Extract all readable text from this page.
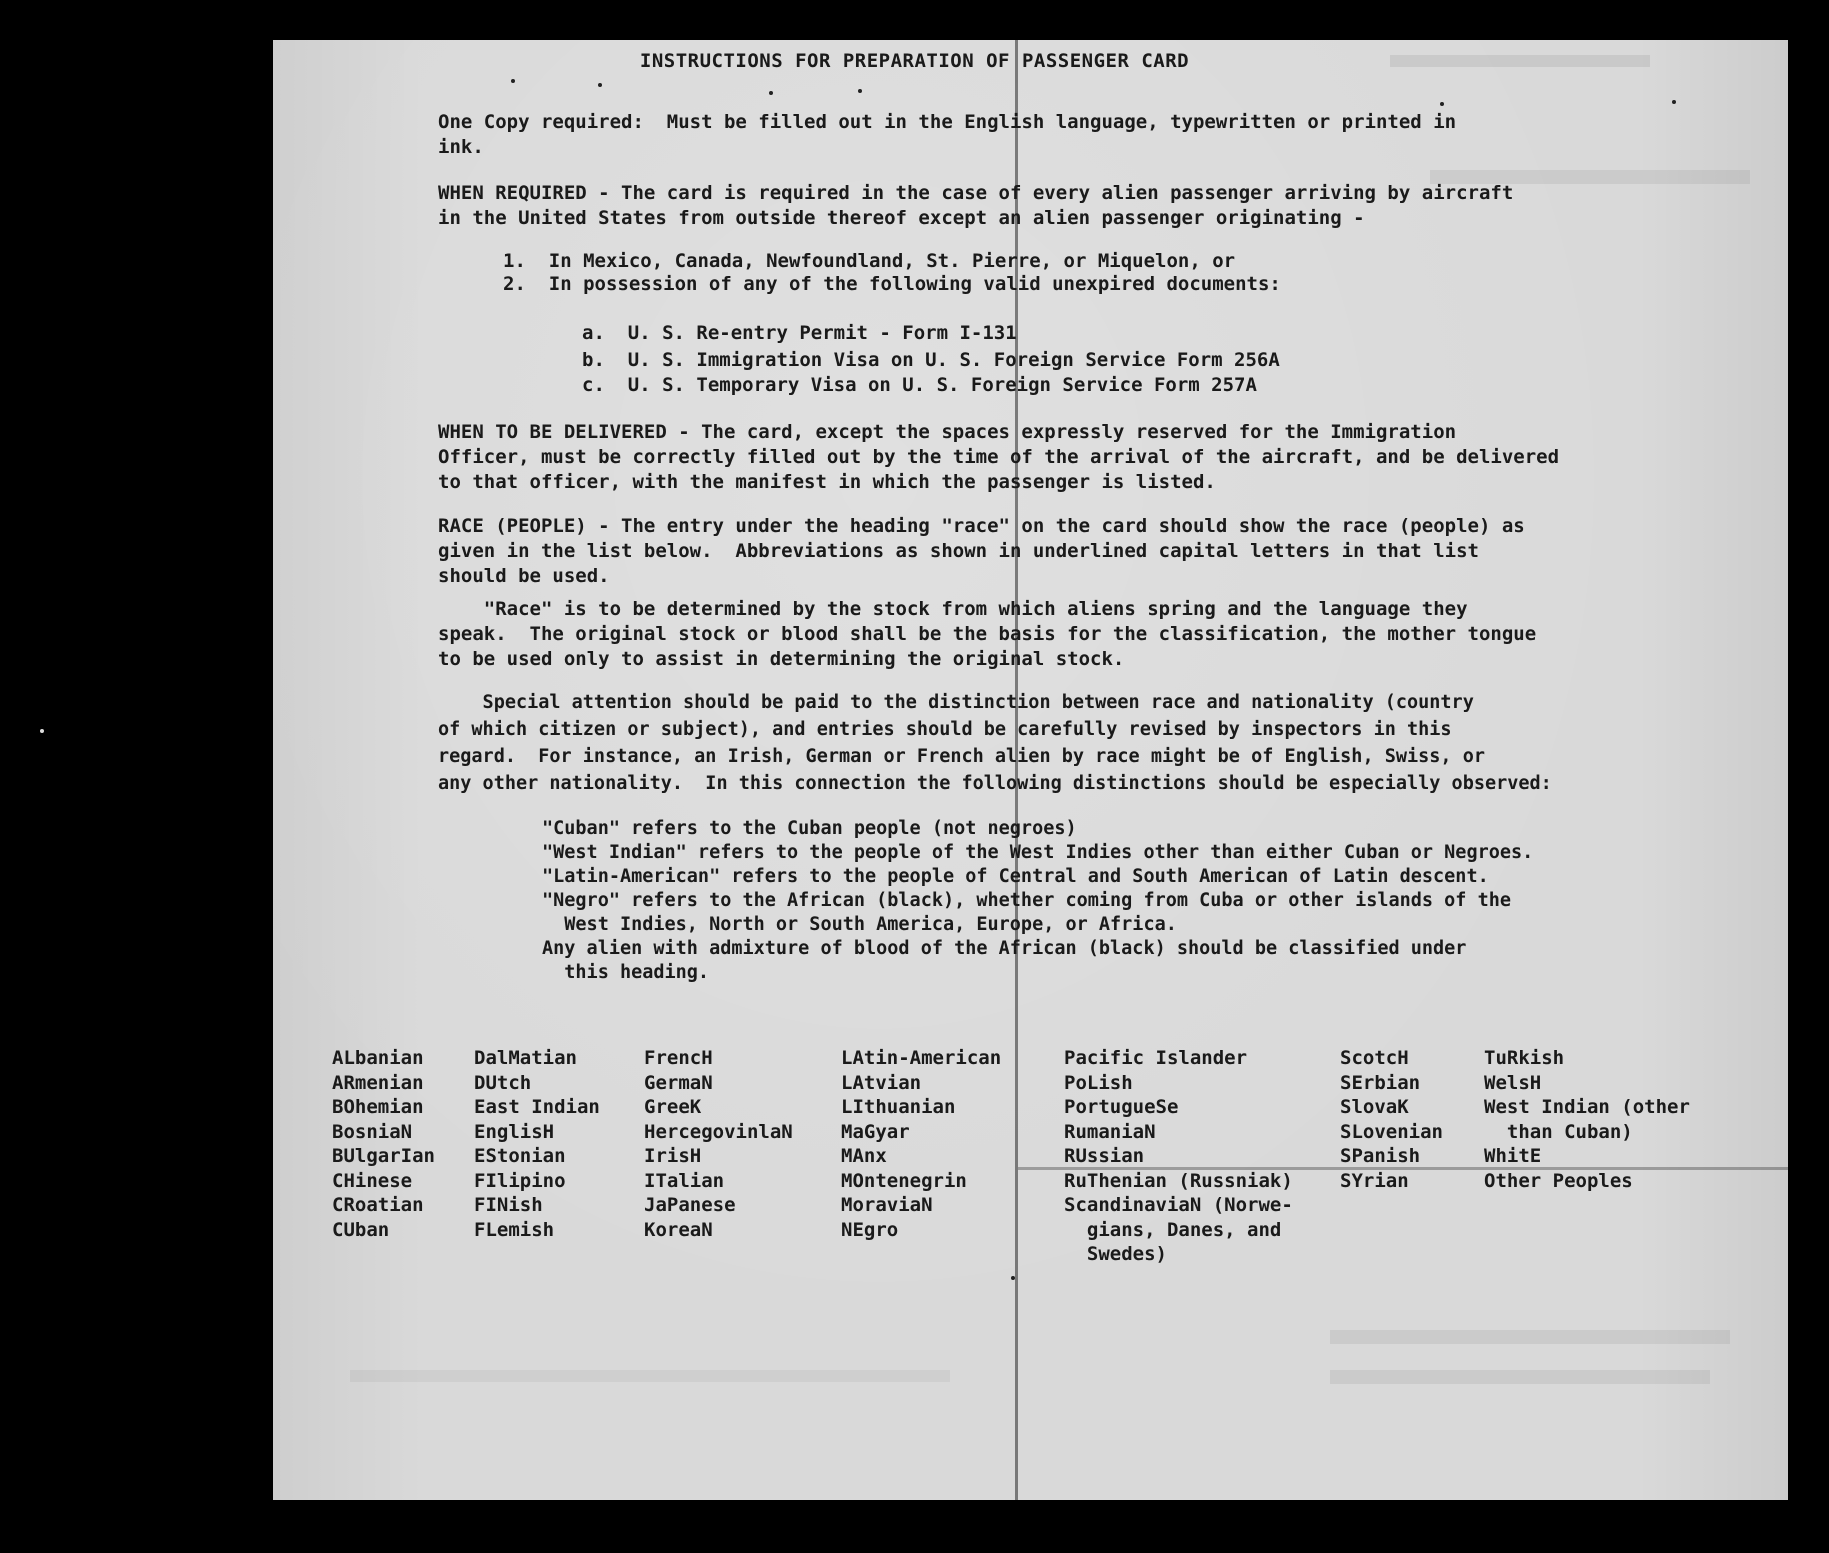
INSTRUCTIONS FOR PREPARATION OF PASSENGER CARD
One Copy required:  Must be filled out in the English language, typewritten or printed in
ink.
WHEN REQUIRED - The card is required in the case of every alien passenger arriving by aircraft
in the United States from outside thereof except an alien passenger originating -
1.  In Mexico, Canada, Newfoundland, St. Pierre, or Miquelon, or
2.  In possession of any of the following valid unexpired documents:
a.  U. S. Re-entry Permit - Form I-131
b.  U. S. Immigration Visa on U. S. Foreign Service Form 256A
c.  U. S. Temporary Visa on U. S. Foreign Service Form 257A
WHEN TO BE DELIVERED - The card, except the spaces expressly reserved for the Immigration
Officer, must be correctly filled out by the time of the arrival of the aircraft, and be delivered
to that officer, with the manifest in which the passenger is listed.
RACE (PEOPLE) - The entry under the heading "race" on the card should show the race (people) as
given in the list below.  Abbreviations as shown in underlined capital letters in that list
should be used.
"Race" is to be determined by the stock from which aliens spring and the language they
speak.  The original stock or blood shall be the basis for the classification, the mother tongue
to be used only to assist in determining the original stock.
Special attention should be paid to the distinction between race and nationality (country
of which citizen or subject), and entries should be carefully revised by inspectors in this
regard.  For instance, an Irish, German or French alien by race might be of English, Swiss, or
any other nationality.  In this connection the following distinctions should be especially observed:
"Cuban" refers to the Cuban people (not negroes)
"West Indian" refers to the people of the West Indies other than either Cuban or Negroes.
"Latin-American" refers to the people of Central and South American of Latin descent.
"Negro" refers to the African (black), whether coming from Cuba or other islands of the
West Indies, North or South America, Europe, or Africa.
Any alien with admixture of blood of the African (black) should be classified under
this heading.
ALbanian
ARmenian
BOhemian
BosniaN
BUlgarIan
CHinese
CRoatian
CUban
DalMatian
DUtch
East Indian
EnglisH
EStonian
FIlipino
FINish
FLemish
FrencH
GermaN
GreeK
HercegovinlaN
IrisH
ITalian
JaPanese
KoreaN
LAtin-American
LAtvian
LIthuanian
MaGyar
MAnx
MOntenegrin
MoraviaN
NEgro
Pacific Islander
PoLish
PortugueSe
RumaniaN
RUssian
RuThenian (Russniak)
ScandinaviaN (Norwe-
gians, Danes, and
Swedes)
ScotcH
SErbian
SlovaK
SLovenian
SPanish
SYrian
TuRkish
WelsH
West Indian (other
than Cuban)
WhitE
Other Peoples
